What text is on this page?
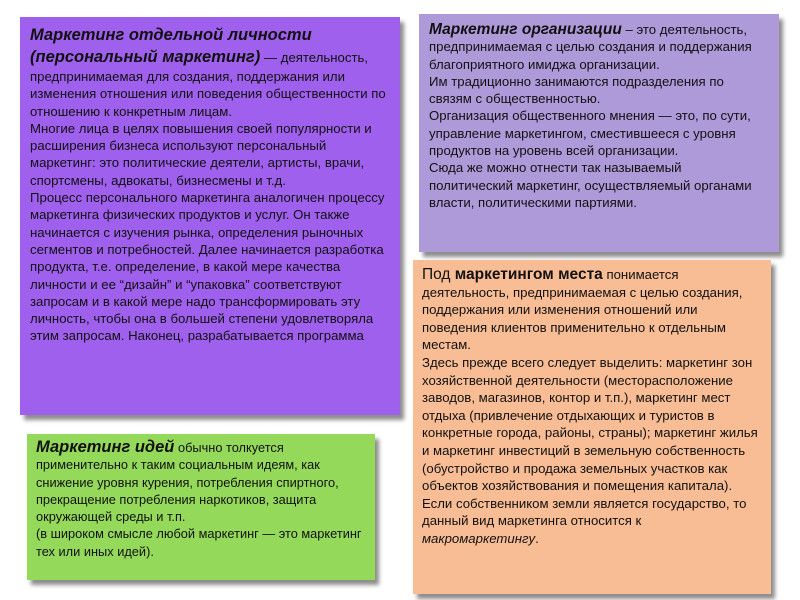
Маркетинг отдельной личности (персональный маркетинг) — деятельность, предпринимаемая для создания, поддержания или изменения отношения или поведения общественности по отношению к конкретным лицам.

Многие лица в целях повышения своей популярности и расширения бизнеса используют персональный маркетинг: это политические деятели, артисты, врачи, спортсмены, адвокаты, бизнесмены и т.д.

Процесс персонального маркетинга аналогичен процессу маркетинга физических продуктов и услуг. Он также начинается с изучения рынка, определения рыночных сегментов и потребностей. Далее начинается разработка продукта, т.е. определение, в какой мере качества личности и ее “дизайн” и “упаковка” соответствуют запросам и в какой мере надо трансформировать эту личность, чтобы она в большей степени удовлетворяла этим запросам. Наконец, разрабатывается программа

Маркетинг организации – это деятельность, предпринимаемая с целью создания и поддержания благоприятного имиджа организации.

Им традиционно занимаются подразделения по связям с общественностью.

Организация общественного мнения — это, по сути, управление маркетингом, сместившееся с уровня продуктов на уровень всей организации.

Сюда же можно отнести так называемый политический маркетинг, осуществляемый органами власти, политическими партиями.

Под маркетингом места понимается деятельность, предпринимаемая с целью создания, поддержания или изменения отношений или поведения клиентов применительно к отдельным местам.

Здесь прежде всего следует выделить: маркетинг зон хозяйственной деятельности (месторасположение заводов, магазинов, контор и т.п.), маркетинг мест отдыха (привлечение отдыхающих и туристов в конкретные города, районы, страны); маркетинг жилья и маркетинг инвестиций в земельную собственность (обустройство и продажа земельных участков как объектов хозяйствования и помещения капитала).

Если собственником земли является государство, то данный вид маркетинга относится к макромаркетингу.

Маркетинг идей обычно толкуется применительно к таким социальным идеям, как снижение уровня курения, потребления спиртного, прекращение потребления наркотиков, защита окружающей среды и т.п.

(в широком смысле любой маркетинг — это маркетинг тех или иных идей).
